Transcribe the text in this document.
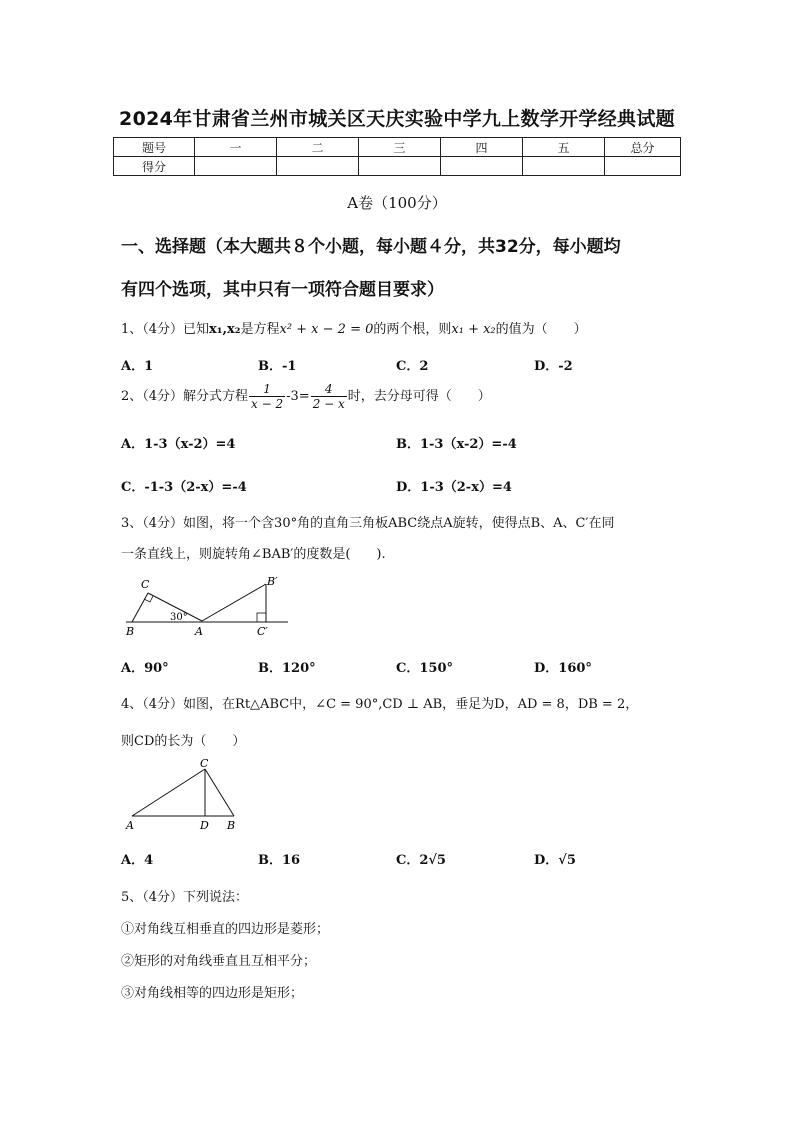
2024年甘肃省兰州市城关区天庆实验中学九上数学开学经典试题
题号	一	二	三	四	五	总分
得分						
A卷（100分）
一、选择题（本大题共８个小题，每小题４分，共32分，每小题均
有四个选项，其中只有一项符合题目要求）
1、（4分）已知x₁,x₂是方程x² + x − 2 = 0的两个根，则x₁ + x₂的值为（　　）
A．1	B．-1	C．2	D．-2
2、（4分）解分式方程 $\frac{1}{x - 2} -3= \frac{4}{2 - x}$ 时，去分母可得（　　）
A．1-3（x-2）=4	B．1-3（x-2）=-4
C．-1-3（2-x）=-4	D．1-3（2-x）=4
3、（4分）如图，将一个含30°角的直角三角板ABC绕点A旋转，使得点B、A、C′在同
一条直线上，则旋转角∠BAB′的度数是(　　).
C
B	A
B′
C′
30°
A．90°	B．120°	C．150°	D．160°
4、（4分）如图，在Rt△ABC中，∠C = 90°,CD ⊥ AB，垂足为D，AD = 8，DB = 2，
则CD的长为（　　）
C
A	D B
A．4	B．16	C．2√5	D．√5
5、（4分）下列说法：
①对角线互相垂直的四边形是菱形；
②矩形的对角线垂直且互相平分；
③对角线相等的四边形是矩形；
